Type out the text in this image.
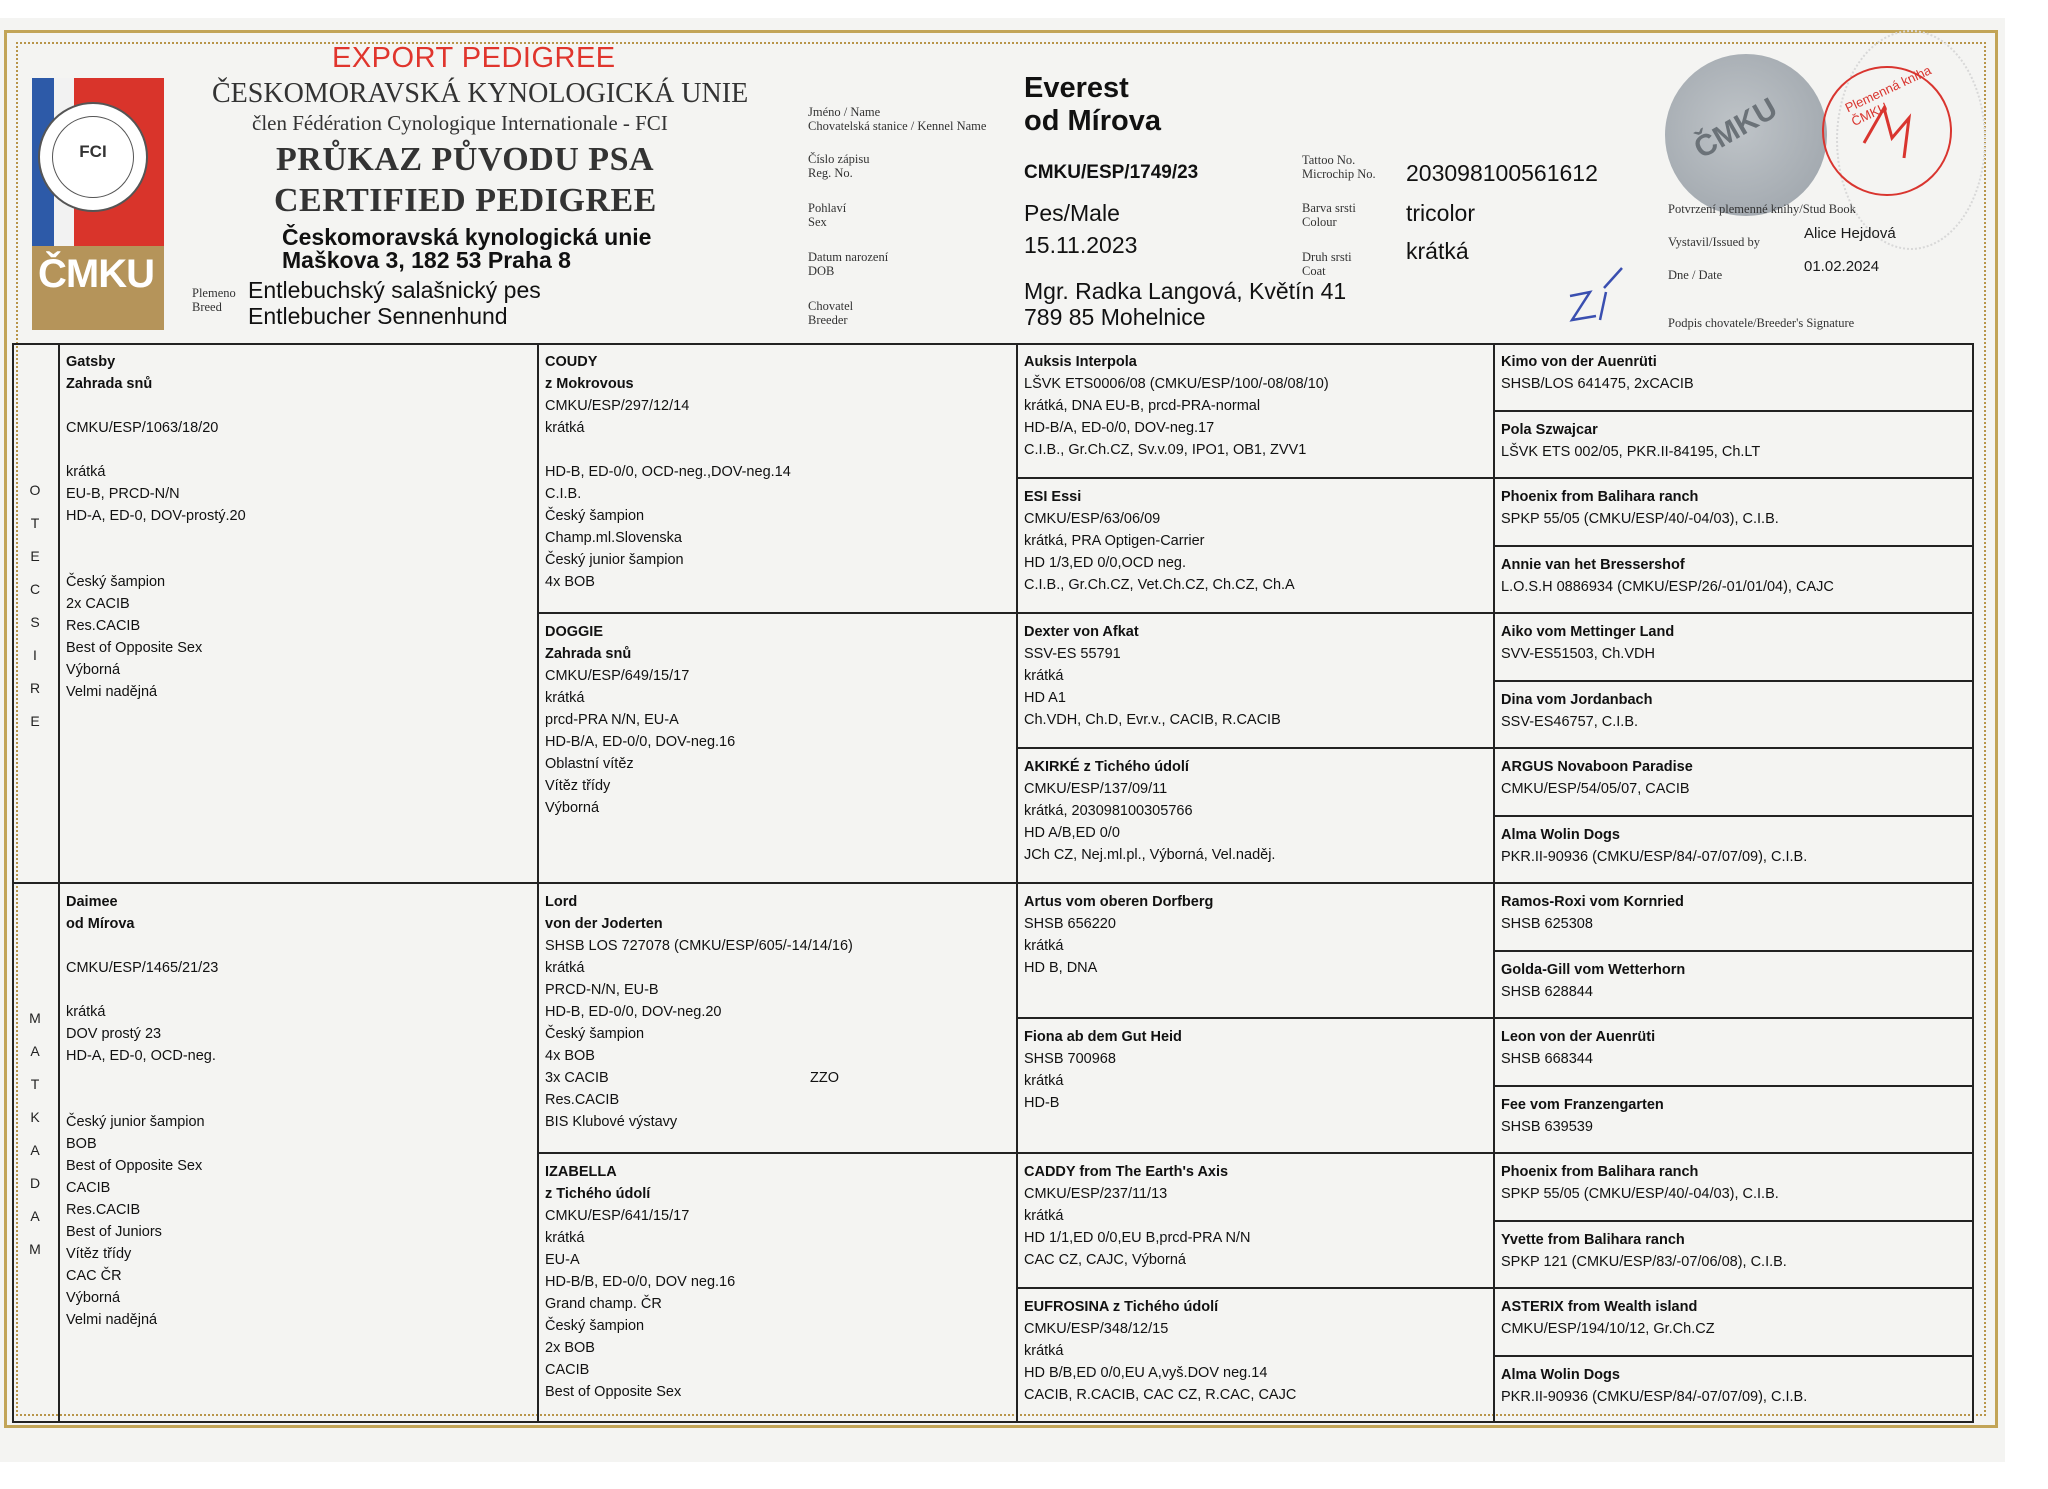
FCI
ČMKU
EXPORT PEDIGREE
ČESKOMORAVSKÁ KYNOLOGICKÁ UNIE
člen Fédération Cynologique Internationale - FCI
PRŮKAZ PŮVODU PSA
CERTIFIED PEDIGREE
Českomoravská kynologická unie
Maškova 3, 182 53 Praha 8
Plemeno
Breed
Entlebuchský salašnický pes
Entlebucher Sennenhund
Jméno / Name
Chovatelská stanice / Kennel Name
Číslo zápisu
Reg. No.
Pohlaví
Sex
Datum narození
DOB
Chovatel
Breeder
Everest
od Mírova
CMKU/ESP/1749/23
Pes/Male
15.11.2023
Mgr. Radka Langová, Květín 41
789 85 Mohelnice
Tattoo No.
Microchip No.
Barva srsti
Colour
Druh srsti
Coat
203098100561612
tricolor
krátká
ČMKU
Plemenná kniha ČMKU
Potvrzení plemenné knihy/Stud Book
Vystavil/Issued by	Alice Hejdová
Dne / Date	01.02.2024
Podpis chovatele/Breeder's Signature
Gatsby
Zahrada snů
CMKU/ESP/1063/18/20
krátká
EU-B, PRCD-N/N
HD-A, ED-0, DOV-prostý.20
Český šampion
2x CACIB
Res.CACIB
Best of Opposite Sex
Výborná
Velmi nadějná
Daimee
od Mírova
CMKU/ESP/1465/21/23
krátká
DOV prostý 23
HD-A, ED-0, OCD-neg.
Český junior šampion
BOB
Best of Opposite Sex
CACIB
Res.CACIB
Best of Juniors
Vítěz třídy
CAC ČR
Výborná
Velmi nadějná
COUDY
z Mokrovous
CMKU/ESP/297/12/14
krátká
HD-B, ED-0/0, OCD-neg.,DOV-neg.14
C.I.B.
Český šampion
Champ.ml.Slovenska
Český junior šampion
4x BOB
DOGGIE
Zahrada snů
CMKU/ESP/649/15/17
krátká
prcd-PRA N/N, EU-A
HD-B/A, ED-0/0, DOV-neg.16
Oblastní vítěz
Vítěz třídy
Výborná
Lord
von der Joderten
SHSB LOS 727078 (CMKU/ESP/605/-14/14/16)
krátká
PRCD-N/N, EU-B
HD-B, ED-0/0, DOV-neg.20
Český šampion
4x BOB
3x CACIB
Res.CACIB
BIS Klubové výstavy
ZZO
IZABELLA
z Tichého údolí
CMKU/ESP/641/15/17
krátká
EU-A
HD-B/B, ED-0/0, DOV neg.16
Grand champ. ČR
Český šampion
2x BOB
CACIB
Best of Opposite Sex
Auksis Interpola
LŠVK ETS0006/08 (CMKU/ESP/100/-08/08/10)
krátká, DNA EU-B, prcd-PRA-normal
HD-B/A, ED-0/0, DOV-neg.17
C.I.B., Gr.Ch.CZ, Sv.v.09, IPO1, OB1, ZVV1
ESI Essi
CMKU/ESP/63/06/09
krátká, PRA Optigen-Carrier
HD 1/3,ED 0/0,OCD neg.
C.I.B., Gr.Ch.CZ, Vet.Ch.CZ, Ch.CZ, Ch.A
Dexter von Afkat
SSV-ES 55791
krátká
HD A1
Ch.VDH, Ch.D, Evr.v., CACIB, R.CACIB
AKIRKÉ z Tichého údolí
CMKU/ESP/137/09/11
krátká, 203098100305766
HD A/B,ED 0/0
JCh CZ, Nej.ml.pl., Výborná, Vel.naděj.
Artus vom oberen Dorfberg
SHSB 656220
krátká
HD B, DNA
Fiona ab dem Gut Heid
SHSB 700968
krátká
HD-B
CADDY from The Earth's Axis
CMKU/ESP/237/11/13
krátká
HD 1/1,ED 0/0,EU B,prcd-PRA N/N
CAC CZ, CAJC, Výborná
EUFROSINA z Tichého údolí
CMKU/ESP/348/12/15
krátká
HD B/B,ED 0/0,EU A,vyš.DOV neg.14
CACIB, R.CACIB, CAC CZ, R.CAC, CAJC
Kimo von der Auenrüti
SHSB/LOS 641475, 2xCACIB
Pola Szwajcar
LŠVK ETS 002/05, PKR.II-84195, Ch.LT
Phoenix from Balihara ranch
SPKP 55/05 (CMKU/ESP/40/-04/03), C.I.B.
Annie van het Bressershof
L.O.S.H 0886934 (CMKU/ESP/26/-01/01/04), CAJC
Aiko vom Mettinger Land
SVV-ES51503, Ch.VDH
Dina vom Jordanbach
SSV-ES46757, C.I.B.
ARGUS Novaboon Paradise
CMKU/ESP/54/05/07, CACIB
Alma Wolin Dogs
PKR.II-90936 (CMKU/ESP/84/-07/07/09), C.I.B.
Ramos-Roxi vom Kornried
SHSB 625308
Golda-Gill vom Wetterhorn
SHSB 628844
Leon von der Auenrüti
SHSB 668344
Fee vom Franzengarten
SHSB 639539
Phoenix from Balihara ranch
SPKP 55/05 (CMKU/ESP/40/-04/03), C.I.B.
Yvette from Balihara ranch
SPKP 121 (CMKU/ESP/83/-07/06/08), C.I.B.
ASTERIX from Wealth island
CMKU/ESP/194/10/12, Gr.Ch.CZ
Alma Wolin Dogs
PKR.II-90936 (CMKU/ESP/84/-07/07/09), C.I.B.
O
T
E
C
S
I
R
E
M
A
T
K
A
D
A
M
